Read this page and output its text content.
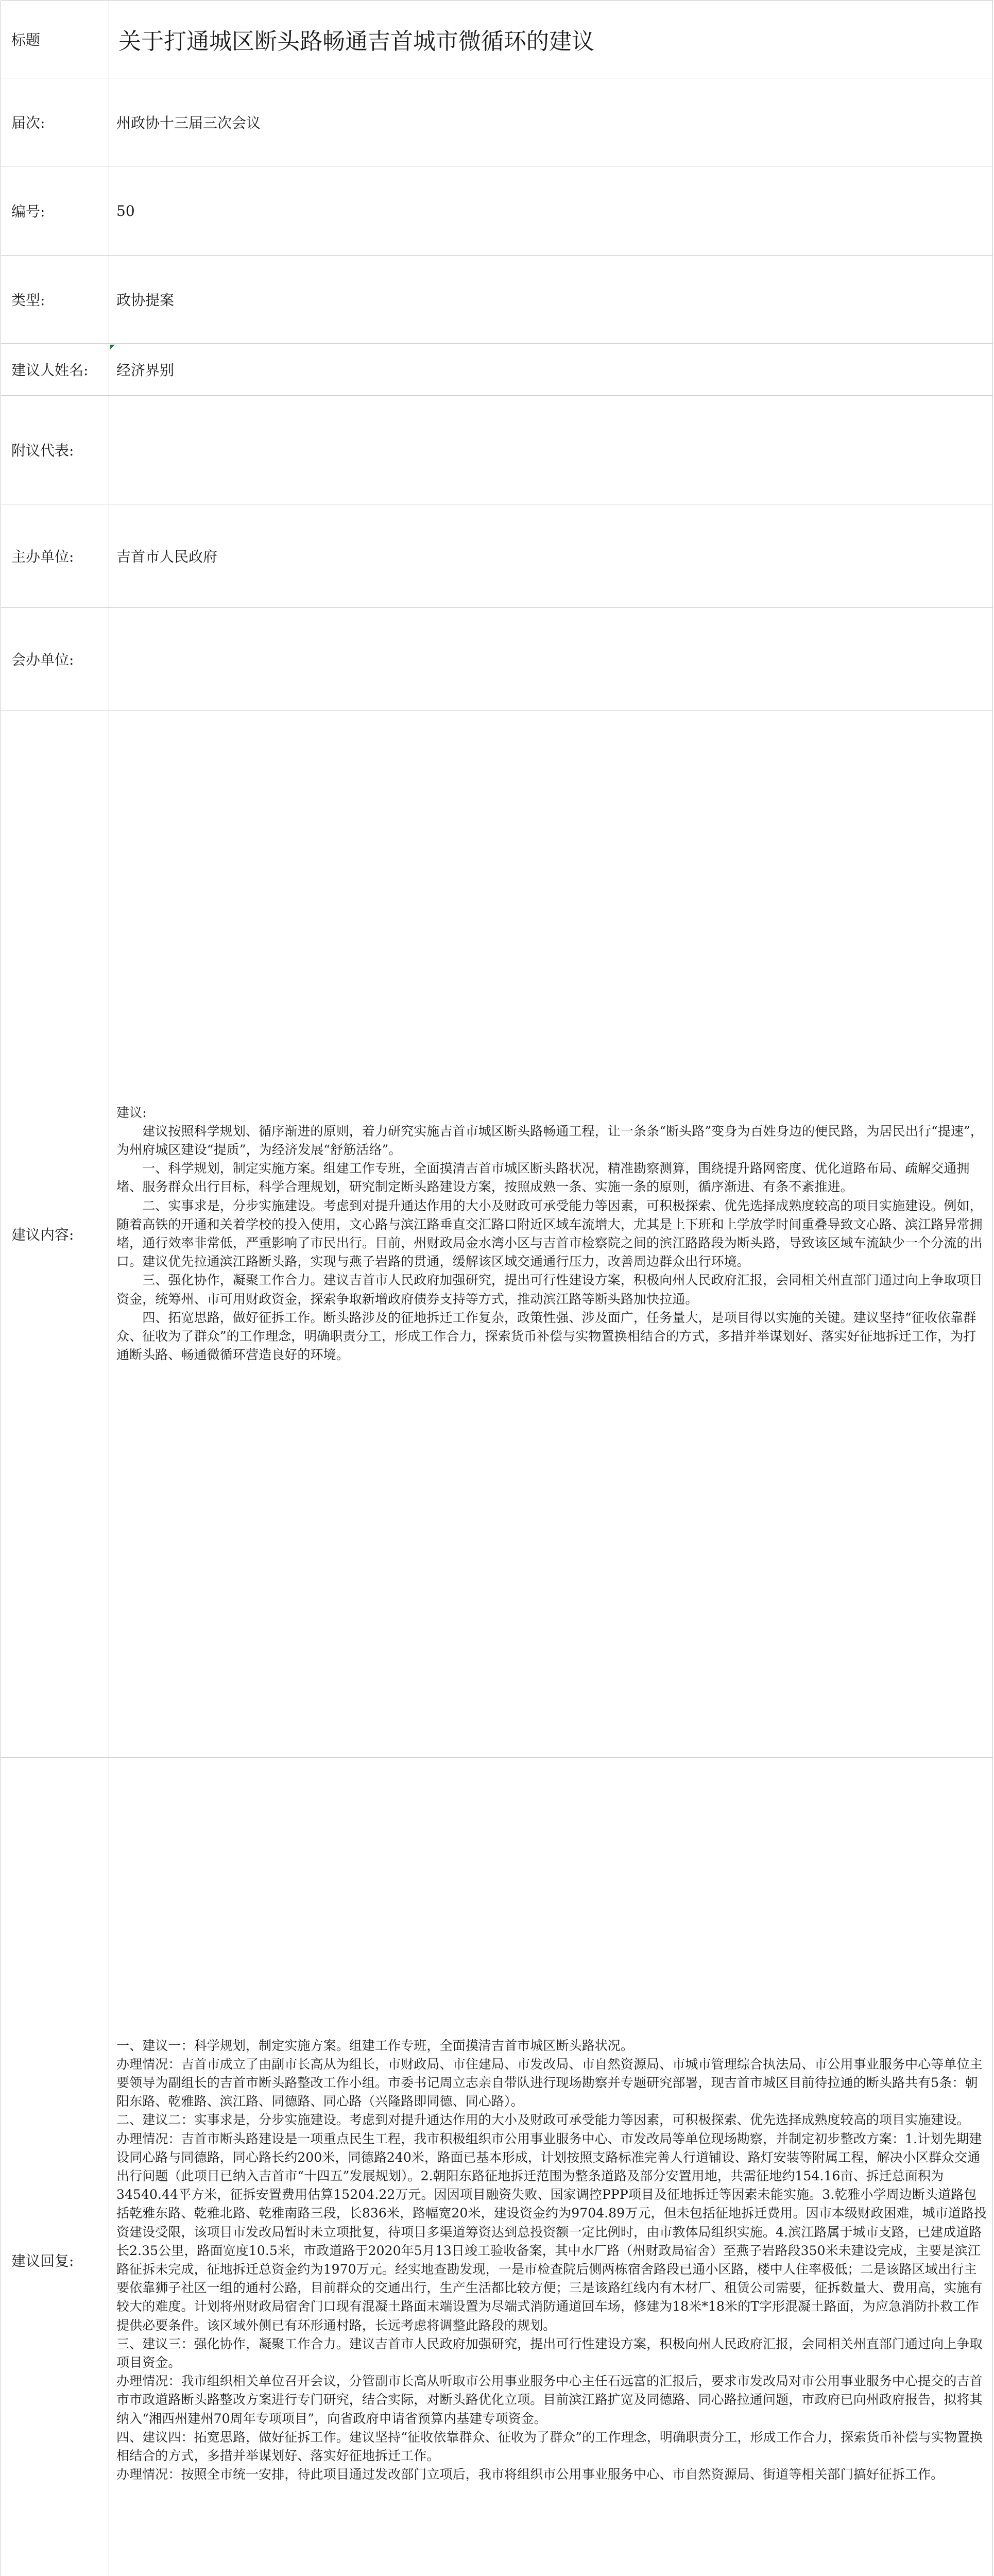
标题	关于打通城区断头路畅通吉首城市微循环的建议
届次:	州政协十三届三次会议
编号:	50
类型:	政协提案
建议人姓名:	经济界别
附议代表:
主办单位:	吉首市人民政府
会办单位:
建议内容:
建议:
　　建议按照科学规划、循序渐进的原则，着力研究实施吉首市城区断头路畅通工程，让一条条“断头路”变身为百姓身边的便民路，为居民出行“提速”，为州府城区建设“提质”，为经济发展“舒筋活络”。
　　一、科学规划，制定实施方案。组建工作专班，全面摸清吉首市城区断头路状况，精准勘察测算，围绕提升路网密度、优化道路布局、疏解交通拥堵、服务群众出行目标，科学合理规划，研究制定断头路建设方案，按照成熟一条、实施一条的原则，循序渐进、有条不紊推进。
　　二、实事求是，分步实施建设。考虑到对提升通达作用的大小及财政可承受能力等因素，可积极探索、优先选择成熟度较高的项目实施建设。例如，随着高铁的开通和关着学校的投入使用，文心路与滨江路垂直交汇路口附近区域车流增大，尤其是上下班和上学放学时间重叠导致文心路、滨江路异常拥堵，通行效率非常低，严重影响了市民出行。目前，州财政局金水湾小区与吉首市检察院之间的滨江路路段为断头路，导致该区域车流缺少一个分流的出口。建议优先拉通滨江路断头路，实现与燕子岩路的贯通，缓解该区域交通通行压力，改善周边群众出行环境。
　　三、强化协作，凝聚工作合力。建议吉首市人民政府加强研究，提出可行性建设方案，积极向州人民政府汇报，会同相关州直部门通过向上争取项目资金，统筹州、市可用财政资金，探索争取新增政府债券支持等方式，推动滨江路等断头路加快拉通。
　　四、拓宽思路，做好征拆工作。断头路涉及的征地拆迁工作复杂，政策性强、涉及面广，任务量大，是项目得以实施的关键。建议坚持“征收依靠群众、征收为了群众”的工作理念，明确职责分工，形成工作合力，探索货币补偿与实物置换相结合的方式，多措并举谋划好、落实好征地拆迁工作，为打通断头路、畅通微循环营造良好的环境。
建议回复:
一、建议一：科学规划，制定实施方案。组建工作专班，全面摸清吉首市城区断头路状况。
办理情况：吉首市成立了由副市长高从为组长，市财政局、市住建局、市发改局、市自然资源局、市城市管理综合执法局、市公用事业服务中心等单位主要领导为副组长的吉首市断头路整改工作小组。市委书记周立志亲自带队进行现场勘察并专题研究部署，现吉首市城区目前待拉通的断头路共有5条：朝阳东路、乾雅路、滨江路、同德路、同心路（兴隆路即同德、同心路）。
二、建议二：实事求是，分步实施建设。考虑到对提升通达作用的大小及财政可承受能力等因素，可积极探索、优先选择成熟度较高的项目实施建设。
办理情况：吉首市断头路建设是一项重点民生工程，我市积极组织市公用事业服务中心、市发改局等单位现场勘察，并制定初步整改方案：1.计划先期建设同心路与同德路，同心路长约200米，同德路240米，路面已基本形成，计划按照支路标准完善人行道铺设、路灯安装等附属工程，解决小区群众交通出行问题（此项目已纳入吉首市“十四五”发展规划）。2.朝阳东路征地拆迁范围为整条道路及部分安置用地，共需征地约154.16亩、拆迁总面积为34540.44平方米，征拆安置费用估算15204.22万元。因因项目融资失败、国家调控PPP项目及征地拆迁等因素未能实施。3.乾雅小学周边断头道路包括乾雅东路、乾雅北路、乾雅南路三段，长836米，路幅宽20米，建设资金约为9704.89万元，但未包括征地拆迁费用。因市本级财政困难，城市道路投资建设受限，该项目市发改局暂时未立项批复，待项目多渠道筹资达到总投资额一定比例时，由市教体局组织实施。4.滨江路属于城市支路，已建成道路长2.35公里，路面宽度10.5米，市政道路于2020年5月13日竣工验收备案，其中水厂路（州财政局宿舍）至燕子岩路段350米未建设完成，主要是滨江路征拆未完成，征地拆迁总资金约为1970万元。经实地查勘发现，一是市检查院后侧两栋宿舍路段已通小区路，楼中人住率极低；二是该路区域出行主要依靠狮子社区一组的通村公路，目前群众的交通出行，生产生活都比较方便；三是该路红线内有木材厂、租赁公司需要，征拆数量大、费用高，实施有较大的难度。计划将州财政局宿舍门口现有混凝土路面末端设置为尽端式消防通道回车场，修建为18米*18米的T字形混凝土路面，为应急消防扑救工作提供必要条件。该区域外侧已有环形通村路，长远考虑将调整此路段的规划。
三、建议三：强化协作，凝聚工作合力。建议吉首市人民政府加强研究，提出可行性建设方案，积极向州人民政府汇报，会同相关州直部门通过向上争取项目资金。
办理情况：我市组织相关单位召开会议，分管副市长高从听取市公用事业服务中心主任石远富的汇报后，要求市发改局对市公用事业服务中心提交的吉首市市政道路断头路整改方案进行专门研究，结合实际，对断头路优化立项。目前滨江路扩宽及同德路、同心路拉通问题，市政府已向州政府报告，拟将其纳入“湘西州建州70周年专项项目”，向省政府申请省预算内基建专项资金。
四、建议四：拓宽思路，做好征拆工作。建议坚持“征收依靠群众、征收为了群众”的工作理念，明确职责分工，形成工作合力，探索货币补偿与实物置换相结合的方式，多措并举谋划好、落实好征地拆迁工作。
办理情况：按照全市统一安排，待此项目通过发改部门立项后，我市将组织市公用事业服务中心、市自然资源局、街道等相关部门搞好征拆工作。
